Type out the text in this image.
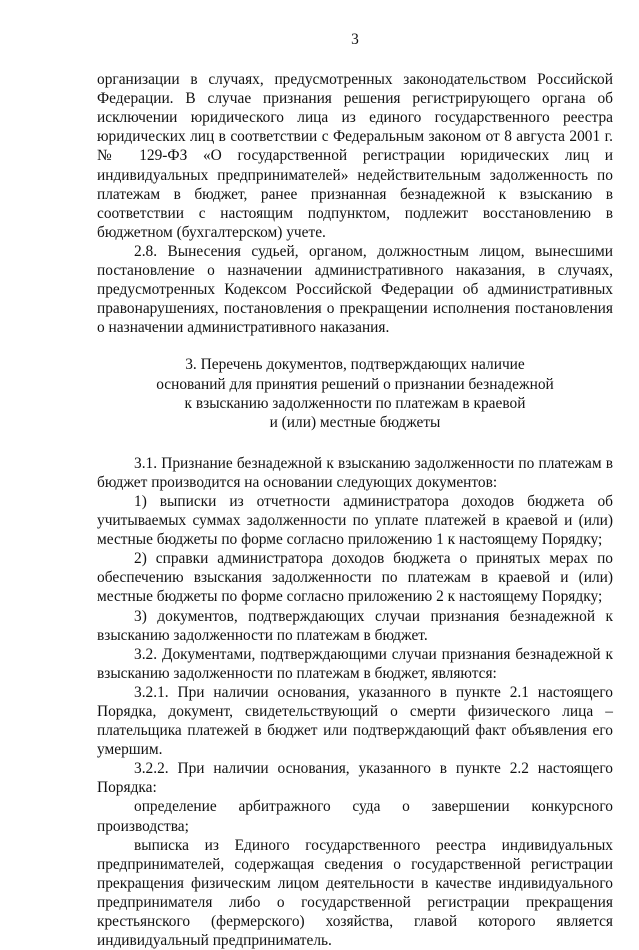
3

организации в случаях, предусмотренных законодательством Российской Федерации. В случае признания решения регистрирующего органа об исключении юридического лица из единого государственного реестра юридических лиц в соответствии с Федеральным законом от 8 августа 2001 г. № 129-ФЗ «О государственной регистрации юридических лиц и индивидуальных предпринимателей» недействительным задолженность по платежам в бюджет, ранее признанная безнадежной к взысканию в соответствии с настоящим подпунктом, подлежит восстановлению в бюджетном (бухгалтерском) учете.

2.8. Вынесения судьей, органом, должностным лицом, вынесшими постановление о назначении административного наказания, в случаях, предусмотренных Кодексом Российской Федерации об административных правонарушениях, постановления о прекращении исполнения постановления о назначении административного наказания.

3. Перечень документов, подтверждающих наличие
оснований для принятия решений о признании безнадежной
к взысканию задолженности по платежам в краевой
и (или) местные бюджеты

3.1. Признание безнадежной к взысканию задолженности по платежам в бюджет производится на основании следующих документов:

1) выписки из отчетности администратора доходов бюджета об учитываемых суммах задолженности по уплате платежей в краевой и (или) местные бюджеты по форме согласно приложению 1 к настоящему Порядку;

2) справки администратора доходов бюджета о принятых мерах по обеспечению взыскания задолженности по платежам в краевой и (или) местные бюджеты по форме согласно приложению 2 к настоящему Порядку;

3) документов, подтверждающих случаи признания безнадежной к взысканию задолженности по платежам в бюджет.

3.2. Документами, подтверждающими случаи признания безнадежной к взысканию задолженности по платежам в бюджет, являются:

3.2.1. При наличии основания, указанного в пункте 2.1 настоящего Порядка, документ, свидетельствующий о смерти физического лица – плательщика платежей в бюджет или подтверждающий факт объявления его умершим.

3.2.2. При наличии основания, указанного в пункте 2.2 настоящего Порядка:

определение арбитражного суда о завершении конкурсного производства;

выписка из Единого государственного реестра индивидуальных предпринимателей, содержащая сведения о государственной регистрации прекращения физическим лицом деятельности в качестве индивидуального предпринимателя либо о государственной регистрации прекращения крестьянского (фермерского) хозяйства, главой которого является индивидуальный предприниматель.
